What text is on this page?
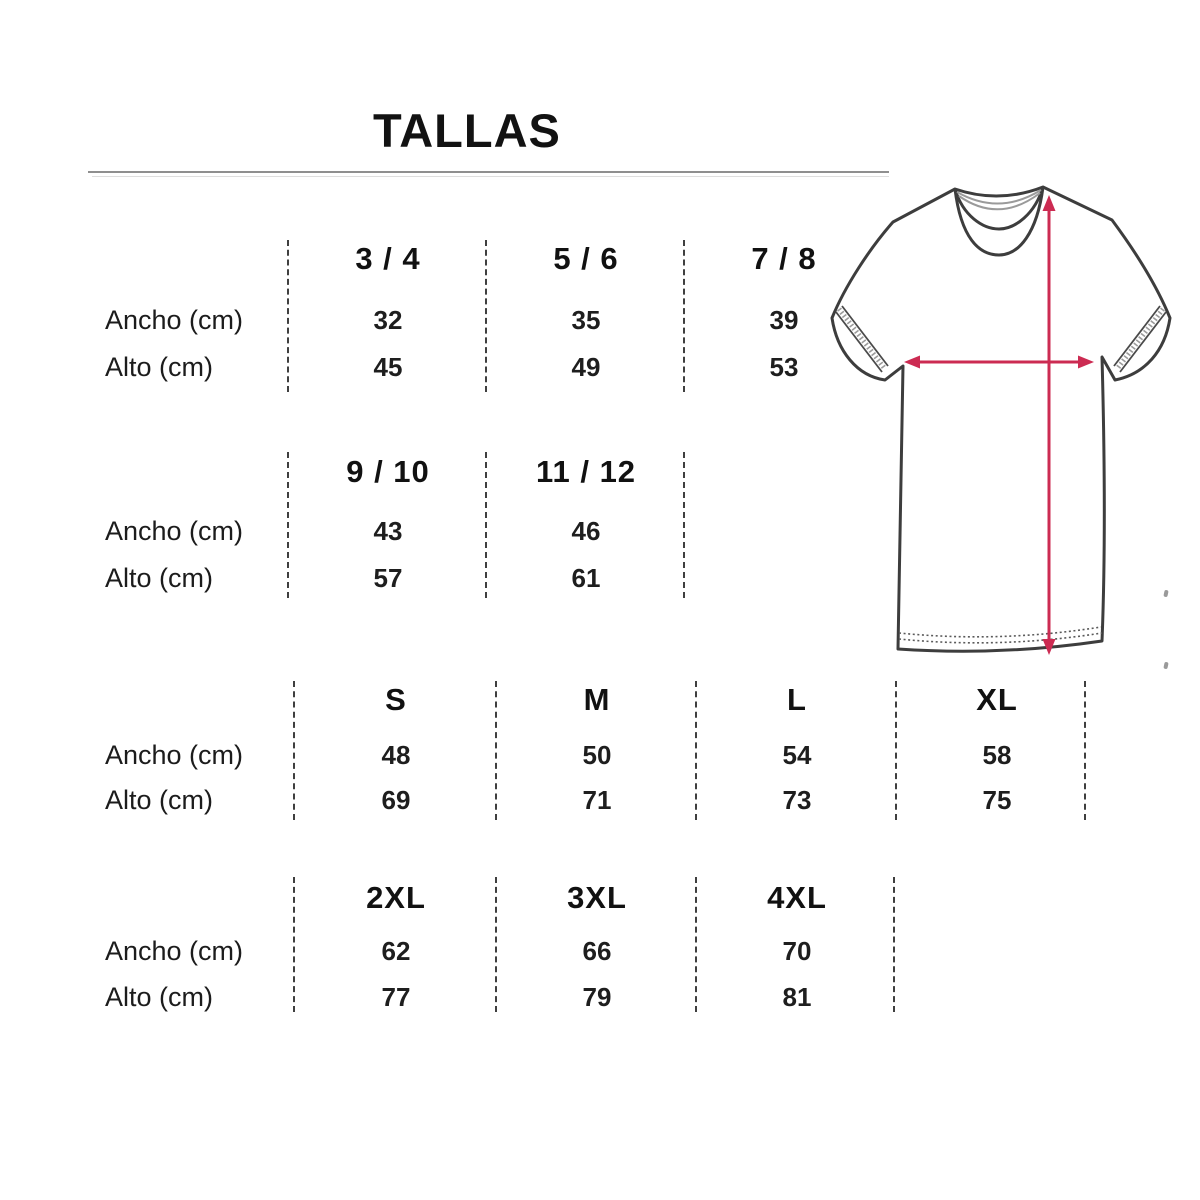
TALLAS
Ancho (cm)
Alto (cm)
Ancho (cm)
Alto (cm)
Ancho (cm)
Alto (cm)
Ancho (cm)
Alto (cm)
3 / 4
32
45
5 / 6
35
49
7 / 8
39
53
9 / 10
43
57
11 / 12
46
61
S
48
69
M
50
71
L
54
73
XL
58
75
2XL
62
77
3XL
66
79
4XL
70
81
